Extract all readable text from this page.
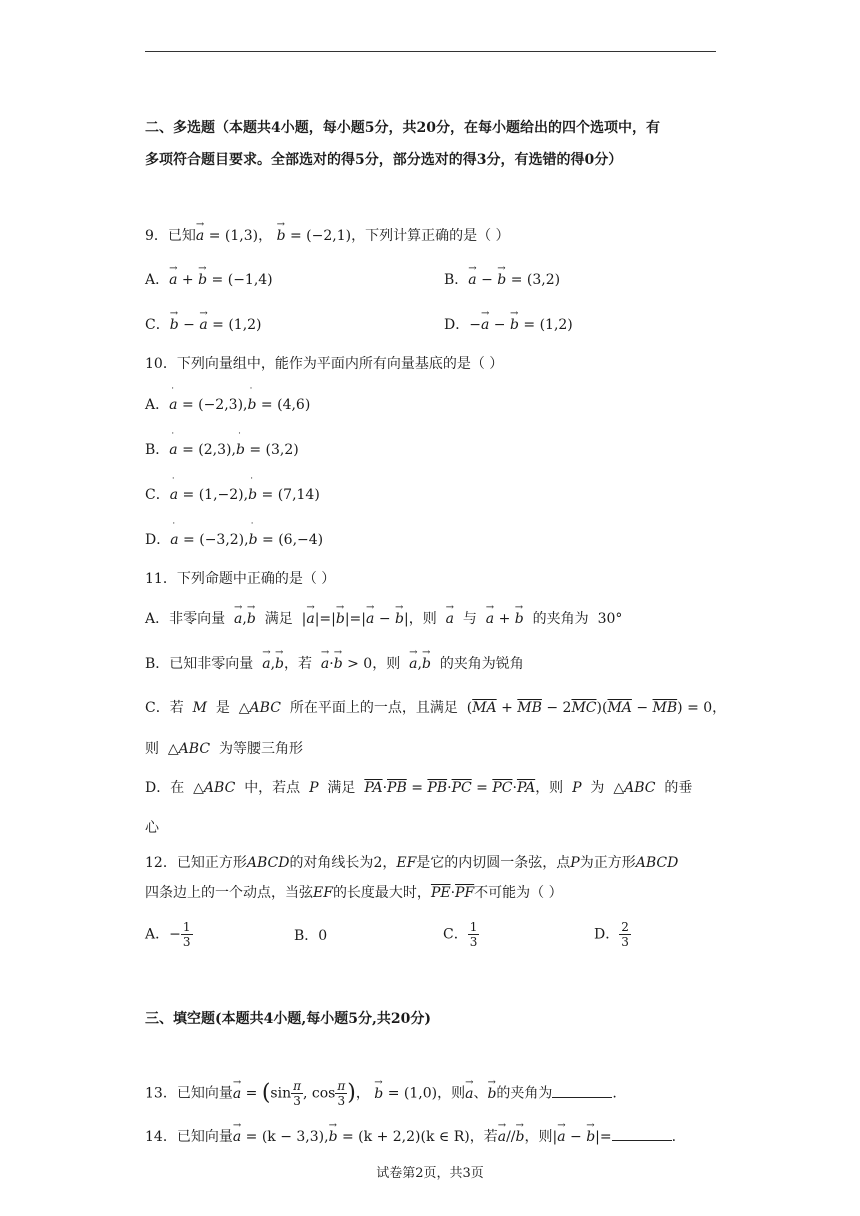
二、多选题（本题共4小题，每小题5分，共20分，在每小题给出的四个选项中，有
多项符合题目要求。全部选对的得5分，部分选对的得3分，有选错的得0分）
9．已知→ a = (1,3)， → b = (−2,1)，下列计算正确的是（ ）
A．→ a + → b = (−1,4)	B．→ a − → b = (3,2)
C．→ b − → a = (1,2)	D．−→ a − → b = (1,2)
10．下列向量组中，能作为平面内所有向量基底的是（ ）
A．˙ a = (−2,3),˙ b = (4,6)
B．˙ a = (2,3),˙ b = (3,2)
C．˙ a = (1,−2),˙ b = (7,14)
D．˙ a = (−3,2),˙ b = (6,−4)
11．下列命题中正确的是（ ）
A．非零向量 → a,→ b 满足  |→ a|=|→ b|=|→ a − → b|，则 → a 与 → a + → b 的夹角为 30°
B．已知非零向量 → a,→ b，若 → a·→ b > 0，则 → a,→ b 的夹角为锐角
C．若 M 是  △ABC 所在平面上的一点，且满足  $(\overline{MA} + \overline{MB} - 2\overline{MC})(\overline{MA} - \overline{MB}) = 0$，
则  △ABC 为等腰三角形
D．在  △ABC 中，若点 P 满足 $\overline{PA}\cdot\overline{PB} = \overline{PB}\cdot\overline{PC} = \overline{PC}\cdot\overline{PA}$，则 P 为  △ABC 的垂
心
12．已知正方形ABCD的对角线长为2，EF是它的内切圆一条弦，点P为正方形ABCD
四条边上的一个动点，当弦EF的长度最大时，$\overline{PE}\cdot\overline{PF}$不可能为（ ）
A．− $\frac{1}{3}$	B．0	C． $\frac{1}{3}$	D． $\frac{2}{3}$
三、填空题(本题共4小题,每小题5分,共20分)
13．已知向量→ $a = (\sin \frac{\pi}{3}$ , $\cos \frac{\pi}{3}$ )， → b = (1,0)，则→ a、→ b的夹角为	.
14．已知向量→ a = (k − 3,3),→ b = (k + 2,2)(k ∈ R)，若→ a//→ b，则|→ a − → b|=	.
试卷第2页，共3页
